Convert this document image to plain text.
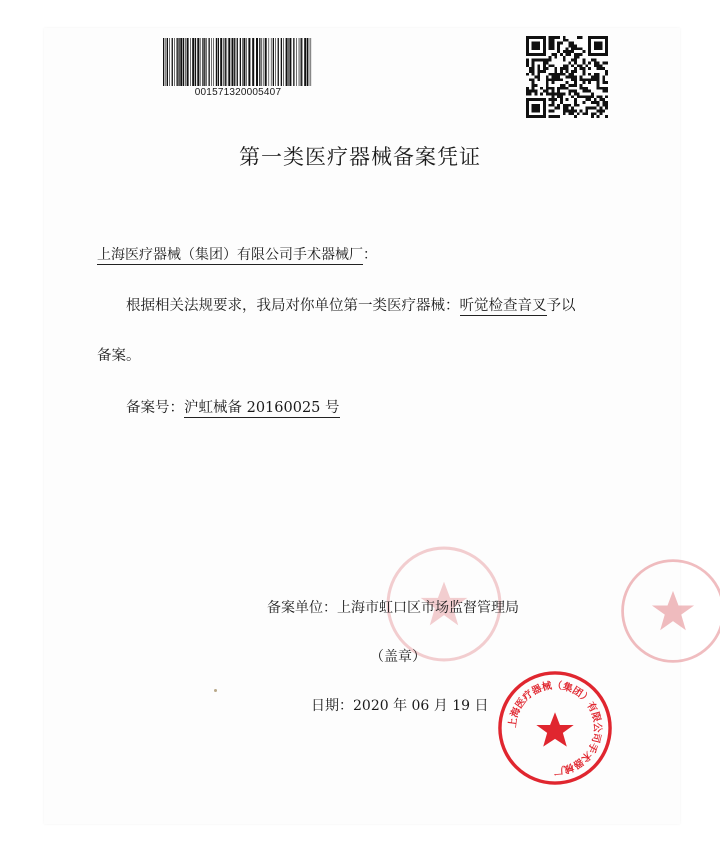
001571320005407
第一类医疗器械备案凭证
上海医疗器械（集团）有限公司手术器械厂：
根据相关法规要求，我局对你单位第一类医疗器械：听觉检查音叉予以
备案。
备案号：沪虹械备 20160025 号
备案单位：上海市虹口区市场监督管理局
（盖章）
日期：2020 年 06 月 19 日
上海医疗器械（集团）有限公司手术器械厂
